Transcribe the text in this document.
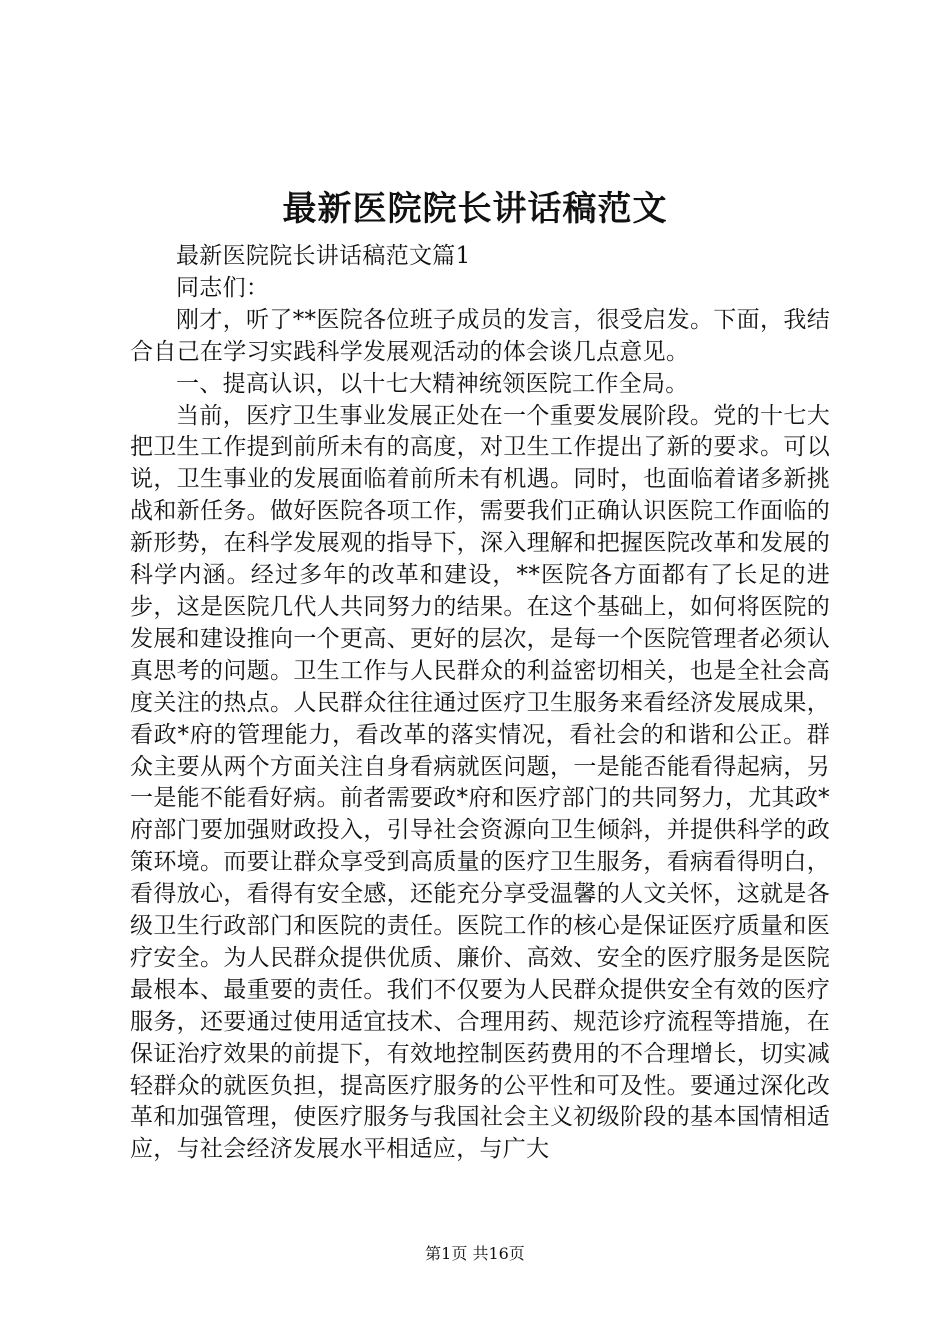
最新医院院长讲话稿范文

最新医院院长讲话稿范文篇1

同志们：

刚才，听了**医院各位班子成员的发言，很受启发。下面，我结合自己在学习实践科学发展观活动的体会谈几点意见。

一、提高认识，以十七大精神统领医院工作全局。

当前，医疗卫生事业发展正处在一个重要发展阶段。党的十七大把卫生工作提到前所未有的高度，对卫生工作提出了新的要求。可以说，卫生事业的发展面临着前所未有机遇。同时，也面临着诸多新挑战和新任务。做好医院各项工作，需要我们正确认识医院工作面临的新形势，在科学发展观的指导下，深入理解和把握医院改革和发展的科学内涵。经过多年的改革和建设，**医院各方面都有了长足的进步，这是医院几代人共同努力的结果。在这个基础上，如何将医院的发展和建设推向一个更高、更好的层次，是每一个医院管理者必须认真思考的问题。卫生工作与人民群众的利益密切相关，也是全社会高度关注的热点。人民群众往往通过医疗卫生服务来看经济发展成果，看政*府的管理能力，看改革的落实情况，看社会的和谐和公正。群众主要从两个方面关注自身看病就医问题，一是能否能看得起病，另一是能不能看好病。前者需要政*府和医疗部门的共同努力，尤其政*府部门要加强财政投入，引导社会资源向卫生倾斜，并提供科学的政策环境。而要让群众享受到高质量的医疗卫生服务，看病看得明白，看得放心，看得有安全感，还能充分享受温馨的人文关怀，这就是各级卫生行政部门和医院的责任。医院工作的核心是保证医疗质量和医疗安全。为人民群众提供优质、廉价、高效、安全的医疗服务是医院最根本、最重要的责任。我们不仅要为人民群众提供安全有效的医疗服务，还要通过使用适宜技术、合理用药、规范诊疗流程等措施，在保证治疗效果的前提下，有效地控制医药费用的不合理增长，切实减轻群众的就医负担，提高医疗服务的公平性和可及性。要通过深化改革和加强管理，使医疗服务与我国社会主义初级阶段的基本国情相适应，与社会经济发展水平相适应，与广大

第1页 共16页
